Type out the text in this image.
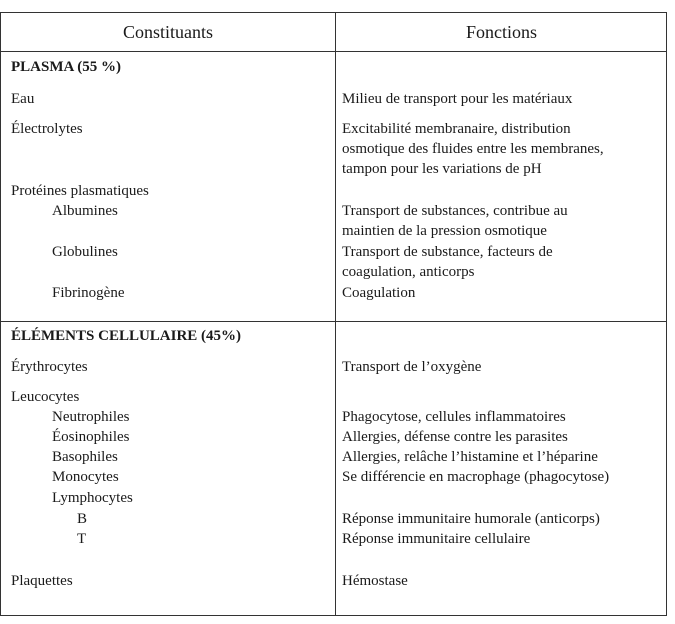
Constituants	Fonctions
PLASMA (55 %)
Eau	Milieu de transport pour les matériaux
Électrolytes	Excitabilité membranaire, distribution
osmotique des fluides entre les membranes,
tampon pour les variations de pH
Protéines plasmatiques
Albumines	Transport de substances, contribue au
maintien de la pression osmotique
Globulines	Transport de substance, facteurs de
coagulation, anticorps
Fibrinogène	Coagulation
ÉLÉMENTS CELLULAIRE (45%)
Érythrocytes	Transport de l’oxygène
Leucocytes
Neutrophiles	Phagocytose, cellules inflammatoires
Éosinophiles	Allergies, défense contre les parasites
Basophiles	Allergies, relâche l’histamine et l’héparine
Monocytes	Se différencie en macrophage (phagocytose)
Lymphocytes
B	Réponse immunitaire humorale (anticorps)
T	Réponse immunitaire cellulaire
Plaquettes	Hémostase
